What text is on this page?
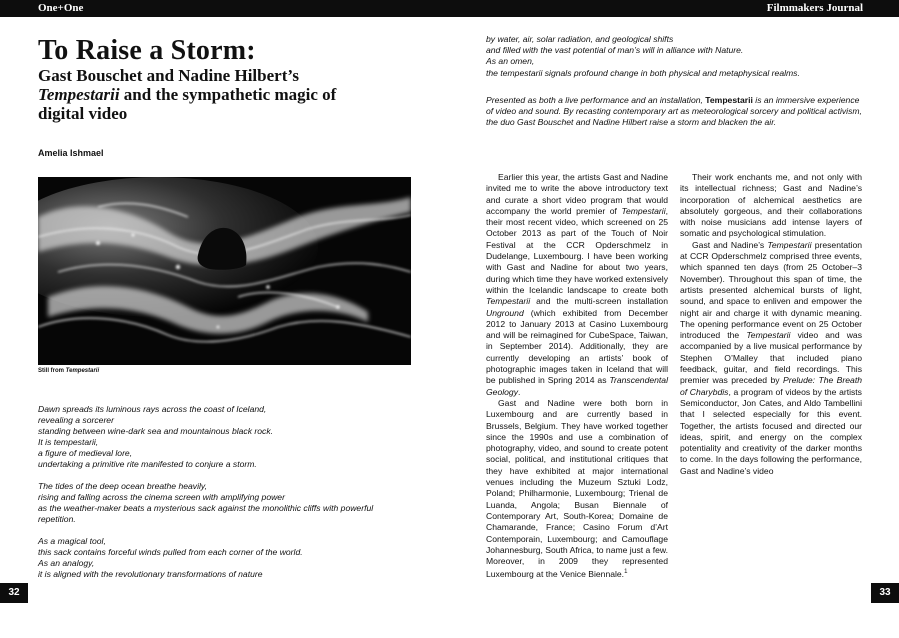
One+One	Filmmakers Journal
To Raise a Storm:
Gast Bouschet and Nadine Hilbert’s
Tempestarii and the sympathetic magic of digital video
Amelia Ishmael
Still from Tempestarii
Dawn spreads its luminous rays across the coast of Iceland,
revealing a sorcerer
standing between wine-dark sea and mountainous black rock.
It is tempestarii,
a figure of medieval lore,
undertaking a primitive rite manifested to conjure a storm.
The tides of the deep ocean breathe heavily,
rising and falling across the cinema screen with amplifying power
as the weather-maker beats a mysterious sack against the monolithic cliffs with powerful
repetition.
As a magical tool,
this sack contains forceful winds pulled from each corner of the world.
As an analogy,
it is aligned with the revolutionary transformations of nature
by water, air, solar radiation, and geological shifts
and filled with the vast potential of man’s will in alliance with Nature.
As an omen,
the tempestarii signals profound change in both physical and metaphysical realms.

Presented as both a live performance and an installation, Tempestarii is an immersive experience of video and sound. By recasting contemporary art as meteorological sorcery and political activism, the duo Gast Bouschet and Nadine Hilbert raise a storm and blacken the air.

Earlier this year, the artists Gast and Nadine invited me to write the above introductory text and curate a short video program that would accompany the world premier of Tempestarii, their most recent video, which screened on 25 October 2013 as part of the Touch of Noir Festival at the CCR Opderschmelz in Dudelange, Luxembourg. I have been working with Gast and Nadine for about two years, during which time they have worked extensively within the Icelandic landscape to create both Tempestarii and the multi-screen installation Unground (which exhibited from December 2012 to January 2013 at Casino Luxembourg and will be reimagined for CubeSpace, Taiwan, in September 2014). Additionally, they are currently developing an artists’ book of photographic images taken in Iceland that will be published in Spring 2014 as Transcendental Geology.

Gast and Nadine were both born in Luxembourg and are currently based in Brussels, Belgium. They have worked together since the 1990s and use a combination of photography, video, and sound to create potent social, political, and institutional critiques that they have exhibited at major international venues including the Muzeum Sztuki Lodz, Poland; Philharmonie, Luxembourg; Trienal de Luanda, Angola; Busan Biennale of Contemporary Art, South-Korea; Domaine de Chamarande, France; Casino Forum d’Art Contemporain, Luxembourg; and Camouflage Johannesburg, South Africa, to name just a few. Moreover, in 2009 they represented Luxembourg at the Venice Biennale.$^1$

Their work enchants me, and not only with its intellectual richness; Gast and Nadine’s incorporation of alchemical aesthetics are absolutely gorgeous, and their collaborations with noise musicians add intense layers of somatic and psychological stimulation.

Gast and Nadine’s Tempestarii presentation at CCR Opderschmelz comprised three events, which spanned ten days (from 25 October–3 November). Throughout this span of time, the artists presented alchemical bursts of light, sound, and space to enliven and empower the night air and charge it with dynamic meaning. The opening performance event on 25 October introduced the Tempestarii video and was accompanied by a live musical performance by Stephen O’Malley that included piano feedback, guitar, and field recordings. This premier was preceded by Prelude: The Breath of Charybdis, a program of videos by the artists Semiconductor, Jon Cates, and Aldo Tambellini that I selected especially for this event. Together, the artists focused and directed our ideas, spirit, and energy on the complex potentiality and creativity of the darker months to come. In the days following the performance, Gast and Nadine’s video

32	33
